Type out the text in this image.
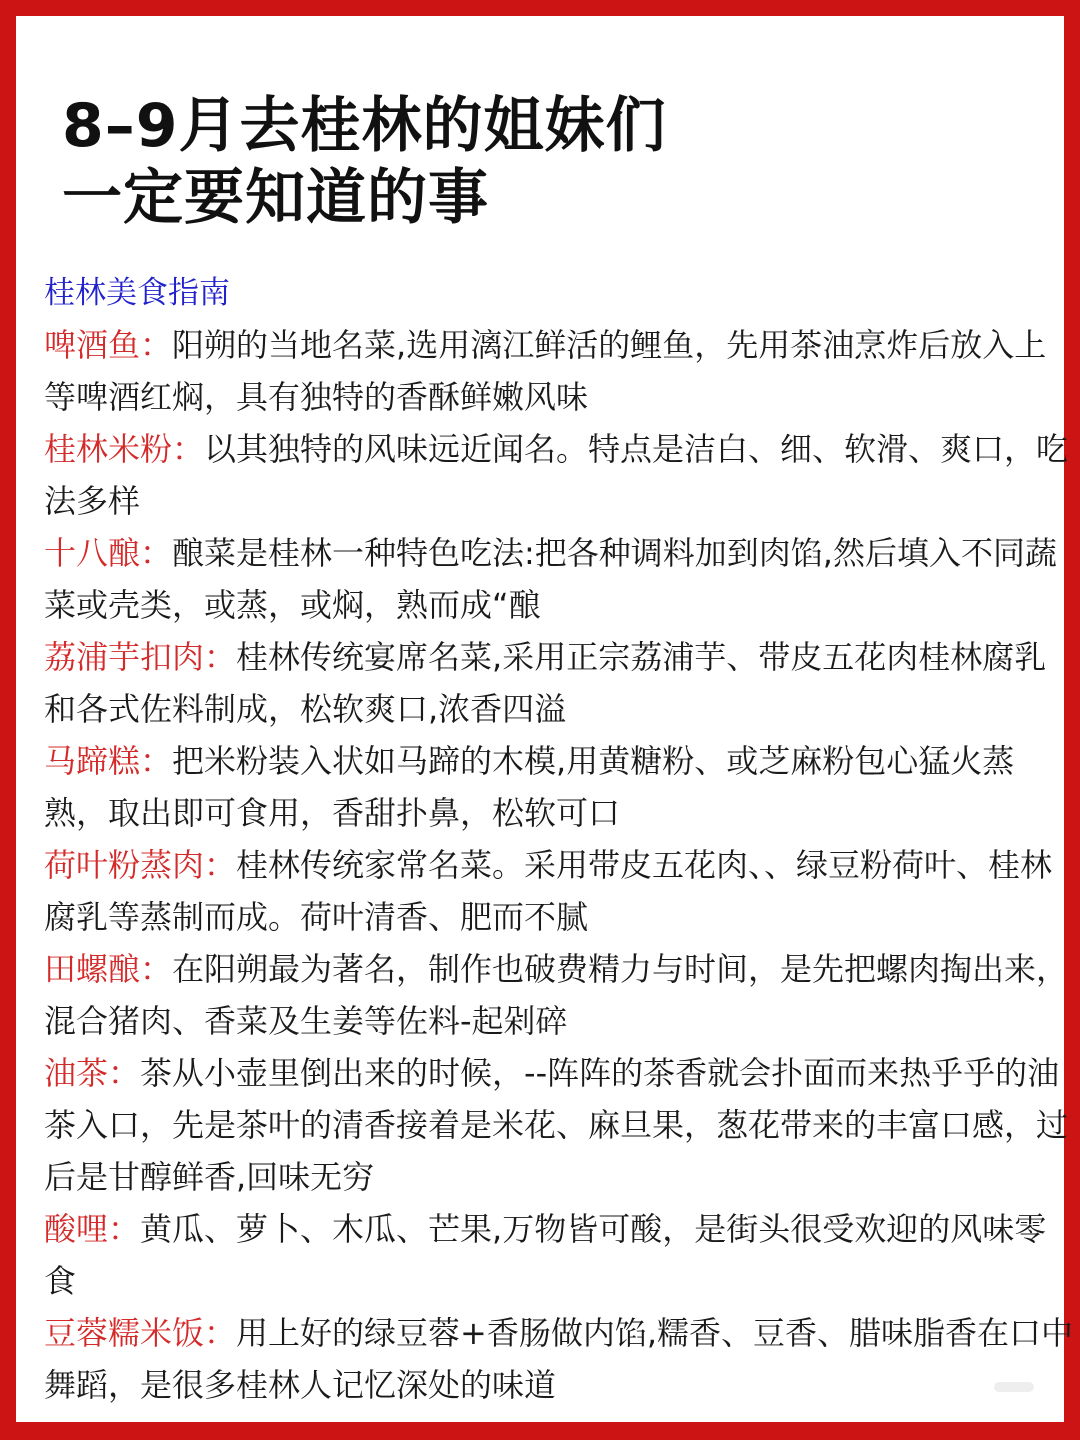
8–9月去桂林的姐妹们
一定要知道的事
桂林美食指南

啤酒鱼：阳朔的当地名菜,选用漓江鲜活的鲤鱼，先用茶油烹炸后放入上等啤酒红焖，具有独特的香酥鲜嫩风味

桂林米粉：以其独特的风味远近闻名。特点是洁白、细、软滑、爽口，吃法多样

十八酿：酿菜是桂林一种特色吃法:把各种调料加到肉馅,然后填入不同蔬菜或壳类，或蒸，或焖，熟而成“酿

荔浦芋扣肉：桂林传统宴席名菜,采用正宗荔浦芋、带皮五花肉桂林腐乳和各式佐料制成，松软爽口,浓香四溢

马蹄糕：把米粉装入状如马蹄的木模,用黄糖粉、或芝麻粉包心猛火蒸熟，取出即可食用，香甜扑鼻，松软可口

荷叶粉蒸肉：桂林传统家常名菜。采用带皮五花肉、、绿豆粉荷叶、桂林腐乳等蒸制而成。荷叶清香、肥而不腻

田螺酿：在阳朔最为著名，制作也破费精力与时间，是先把螺肉掏出来，混合猪肉、香菜及生姜等佐料-起剁碎

油茶：茶从小壶里倒出来的时候，--阵阵的茶香就会扑面而来热乎乎的油茶入口，先是茶叶的清香接着是米花、麻旦果，葱花带来的丰富口感，过后是甘醇鲜香,回味无穷

酸哩：黄瓜、萝卜、木瓜、芒果,万物皆可酸，是街头很受欢迎的风味零食

豆蓉糯米饭：用上好的绿豆蓉+香肠做内馅,糯香、豆香、腊味脂香在口中舞蹈，是很多桂林人记忆深处的味道
